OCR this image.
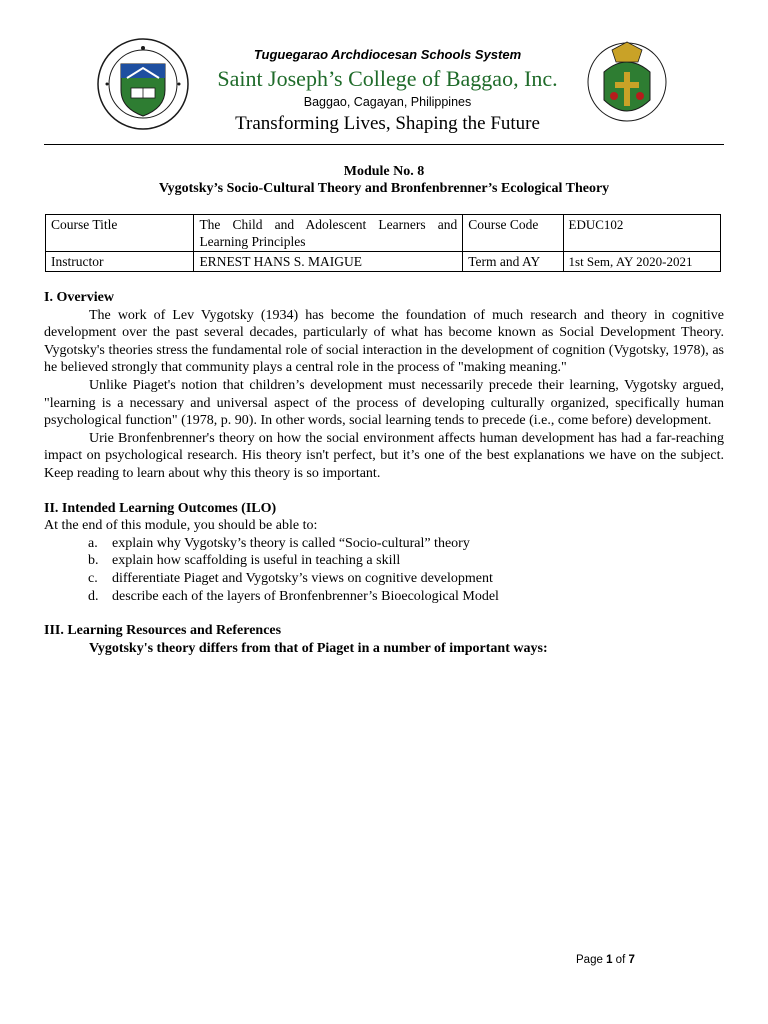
Tuguegarao Archdiocesan Schools System
Saint Joseph’s College of Baggao, Inc.
Baggao, Cagayan, Philippines
Transforming Lives, Shaping the Future
Module No. 8
Vygotsky’s Socio-Cultural Theory and Bronfenbrenner’s Ecological Theory
Course Title	The Child and Adolescent Learners and Learning Principles	Course Code	EDUC102
Instructor	ERNEST HANS S. MAIGUE	Term and AY	1st Sem, AY 2020-2021
I. Overview

The work of Lev Vygotsky (1934) has become the foundation of much research and theory in cognitive development over the past several decades, particularly of what has become known as Social Development Theory. Vygotsky's theories stress the fundamental role of social interaction in the development of cognition (Vygotsky, 1978), as he believed strongly that community plays a central role in the process of "making meaning."

Unlike Piaget's notion that children’s development must necessarily precede their learning, Vygotsky argued, "learning is a necessary and universal aspect of the process of developing culturally organized, specifically human psychological function" (1978, p. 90). In other words, social learning tends to precede (i.e., come before) development.

Urie Bronfenbrenner's theory on how the social environment affects human development has had a far-reaching impact on psychological research. His theory isn't perfect, but it’s one of the best explanations we have on the subject. Keep reading to learn about why this theory is so important.

II. Intended Learning Outcomes (ILO)
At the end of this module, you should be able to:
a. explain why Vygotsky’s theory is called “Socio-cultural” theory
b. explain how scaffolding is useful in teaching a skill
c. differentiate Piaget and Vygotsky’s views on cognitive development
d. describe each of the layers of Bronfenbrenner’s Bioecological Model
III. Learning Resources and References
Vygotsky's theory differs from that of Piaget in a number of important ways:
Page 1 of 7
